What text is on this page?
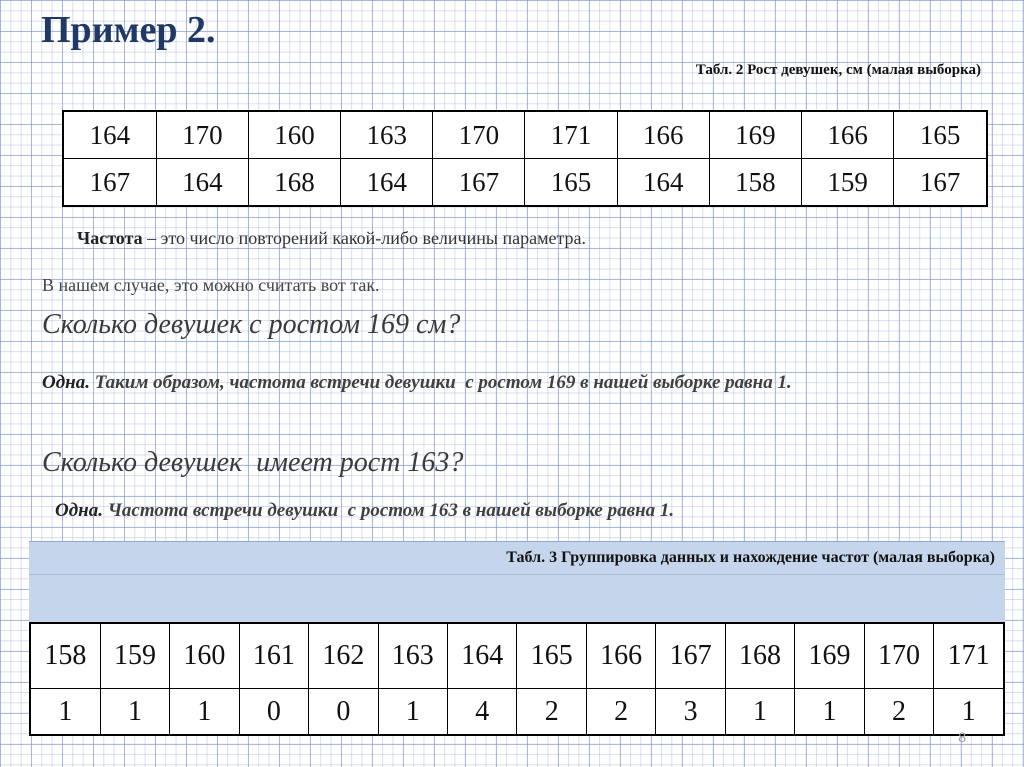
Пример 2.
Табл. 2 Рост девушек, см (малая выборка)
164	170	160	163	170	171	166	169	166	165
167	164	168	164	167	165	164	158	159	167
Частота – это число повторений какой-либо величины параметра.
В нашем случае, это можно считать вот так.
Сколько девушек с ростом 169 см?
Одна. Таким образом, частота встречи девушки  с ростом 169 в нашей выборке равна 1.
Сколько девушек  имеет рост 163?
Одна. Частота встречи девушки  с ростом 163 в нашей выборке равна 1.
Табл. 3 Группировка данных и нахождение частот (малая выборка)
158	159	160	161	162	163	164	165	166	167	168	169	170	171
1	1	1	0	0	1	4	2	2	3	1	1	2	1
8
